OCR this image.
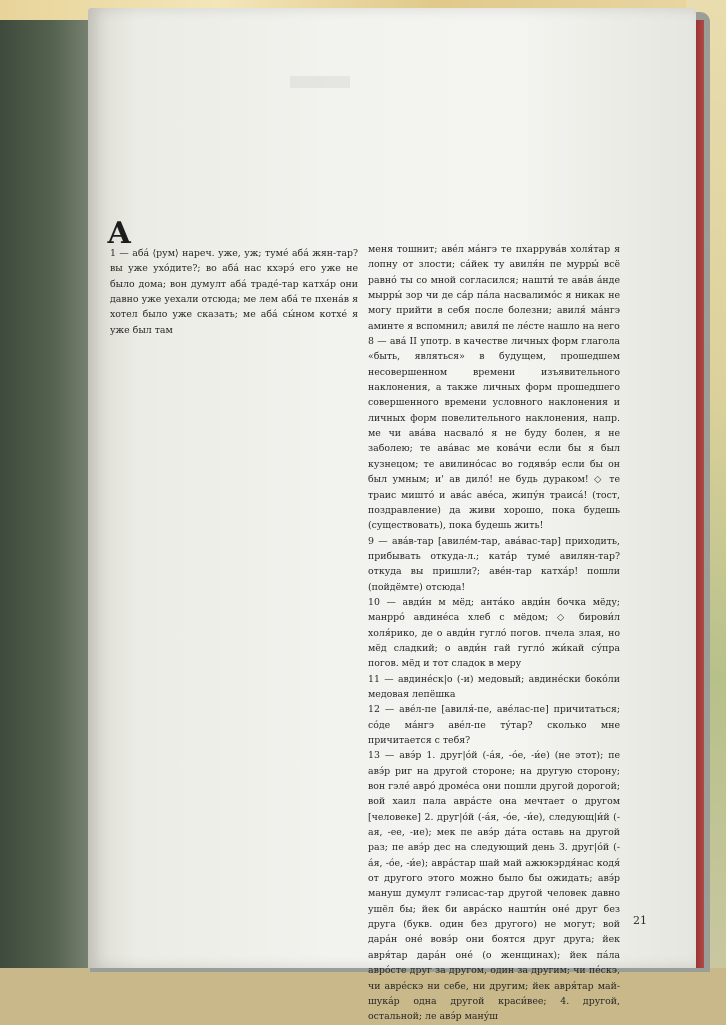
А

1 — аба́ ⟨рум⟩ нареч. уже, уж; туме́ аба́ жян-тар? вы уже ухо́дите?; во аба́ нас кхэрэ́ его уже не было дома; вон думулт аба́ траде́-тар катха́р они давно уже уехали отсюда; ме лем аба́ те пхена́в я хотел было уже сказать; ме аба́ сы́ном котхе́ я уже был там

меня тошнит; аве́л ма́нгэ те пхаррува́в холя́тар я лопну от злости; са́йек ту авиля́н пе мурры́ всё равно́ ты со мной согласился; нашти́ те ава́в а́нде мырры́ зор чи де са́р па́ла насвалимо́с я никак не могу прийти в себя после болезни; авиля́ ма́нгэ аминте я вспомнил; авиля́ пе ле́сте нашло на него

8 — ава́ II употр. в качестве личных форм глагола «быть, являться» в будущем, прошедшем несовершенном времени изъявительного наклонения, а также личных форм прошедшего совершенного времени условного наклонения и личных форм повелительного наклонения, напр. ме чи ава́ва насвало́ я не буду болен, я не заболею; те ава́вас ме кова́чи если бы я был кузнецом; те авилино́сас во годявэ́р если бы он был умным; и' ав дило́! не будь дураком! ◇ те траис мишто́ и ава́с аве́са, жипу́н траиса́! (тост, поздравление) да живи хорошо, пока будешь (существовать), пока будешь жить!

9 — ава́в-тар [авиле́м-тар, ава́вас-тар] приходить, прибывать откуда-л.; ката́р туме́ авилян-тар? откуда вы пришли?; аве́н-тар катха́р! пошли (пойдёмте) отсюда!

10 — авди́н м мёд; анта́ко авди́н бочка мёду; манрро́ авдине́са хлеб с мёдом; ◇ бирови́л холя́рико, де о авди́н гугло́ погов. пчела злая, но мёд сладкий; о авди́н гай гугло́ жи́кай су́пра погов. мёд и тот сладок в меру

11 — авдине́ск|о (-и) медовый; авдине́ски боко́ли медовая лепёшка

12 — аве́л-пе [авиля́-пе, аве́лас-пе] причитаться; со́де ма́нгэ аве́л-пе ту́тар? сколько мне причитается с тебя?

13 — авэ́р 1. друг|о́й (-а́я, -о́е, -и́е) (не этот); пе авэ́р риг на другой стороне; на другую сторону; вон гэле́ авро́ дроме́са они пошли другой дорогой; вой хаил пала авра́сте она мечтает о другом [человеке] 2. друг|о́й (-а́я, -о́е, -и́е), следующ|и́й (-ая, -ее, -ие); мек пе авэ́р да́та оставь на другой раз; пе авэ́р дес на следующий день 3. друг|о́й (-а́я, -о́е, -и́е); авра́стар шай май ажюкэрдя́нас кодя́ от другого этого можно было бы ожидать; авэ́р мануш думулт гэлисас-тар другой человек давно ушёл бы; йек би авра́ско нашти́н оне́ друг без друга (букв. один без другого) не могут; вой дара́н оне́ вовэ́р они боятся друг друга; йек авря́тар дара́н оне́ (о женщинах); йек па́ла авро́сте друг за другом, один за другим; чи пе́скэ, чи авре́скэ ни себе, ни другим; йек авря́тар май-шука́р одна другой краси́вее; 4. другой, остальной; ле авэ́р ману́ш

21
